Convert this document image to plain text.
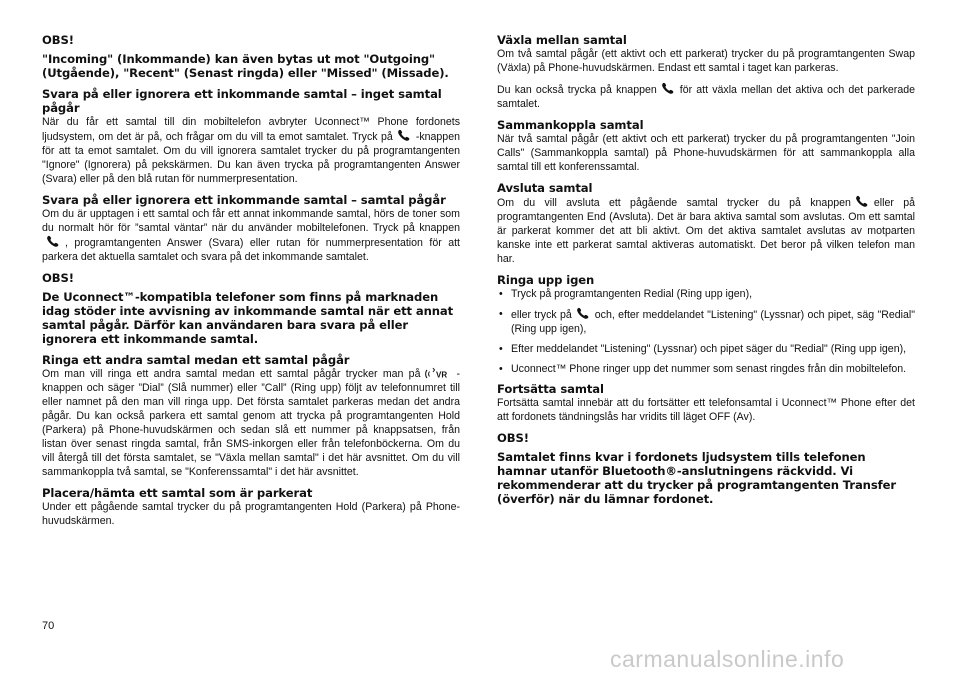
OBS!
"Incoming" (Inkommande) kan även bytas ut mot "Outgoing" (Utgående), "Recent" (Senast ringda) eller "Missed" (Missade).
Svara på eller ignorera ett inkommande samtal – inget samtal pågår

När du får ett samtal till din mobiltelefon avbryter Uconnect™ Phone fordonets ljudsystem, om det är på, och frågar om du vill ta emot samtalet. Tryck på -knappen för att ta emot samtalet. Om du vill ignorera samtalet trycker du på programtangenten "Ignore" (Ignorera) på pekskärmen. Du kan även trycka på programtangenten Answer (Svara) eller på den blå rutan för nummerpresentation.

Svara på eller ignorera ett inkommande samtal – samtal pågår

Om du är upptagen i ett samtal och får ett annat inkommande samtal, hörs de toner som du normalt hör för ”samtal väntar” när du använder mobiltelefonen. Tryck på knappen, programtangenten Answer (Svara) eller rutan för nummerpresentation för att parkera det aktuella samtalet och svara på det inkommande samtalet.

OBS!
De Uconnect™-kompatibla telefoner som finns på marknaden idag stöder inte avvisning av inkommande samtal när ett annat samtal pågår. Därför kan användaren bara svara på eller ignorera ett inkommande samtal.
Ringa ett andra samtal medan ett samtal pågår

Om man vill ringa ett andra samtal medan ett samtal pågår trycker man på VR -knappen och säger ”Dial” (Slå nummer) eller ”Call” (Ring upp) följt av telefonnumret till eller namnet på den man vill ringa upp. Det första samtalet parkeras medan det andra pågår. Du kan också parkera ett samtal genom att trycka på programtangenten Hold (Parkera) på Phone-huvudskärmen och sedan slå ett nummer på knappsatsen, från listan över senast ringda samtal, från SMS-inkorgen eller från telefonböckerna. Om du vill återgå till det första samtalet, se "Växla mellan samtal" i det här avsnittet. Om du vill sammankoppla två samtal, se "Konferenssamtal" i det här avsnittet.

Placera/hämta ett samtal som är parkerat

Under ett pågående samtal trycker du på programtangenten Hold (Parkera) på Phone-huvudskärmen.

Växla mellan samtal

Om två samtal pågår (ett aktivt och ett parkerat) trycker du på programtangenten Swap (Växla) på Phone-huvudskärmen. Endast ett samtal i taget kan parkeras.

Du kan också trycka på knappen för att växla mellan det aktiva och det parkerade samtalet.

Sammankoppla samtal

När två samtal pågår (ett aktivt och ett parkerat) trycker du på programtangenten "Join Calls" (Sammankoppla samtal) på Phone-huvudskärmen för att sammankoppla alla samtal till ett konferenssamtal.

Avsluta samtal

Om du vill avsluta ett pågående samtal trycker du på knappen eller på programtangenten End (Avsluta). Det är bara aktiva samtal som avslutas. Om ett samtal är parkerat kommer det att bli aktivt. Om det aktiva samtalet avslutas av motparten kanske inte ett parkerat samtal aktiveras automatiskt. Det beror på vilken telefon man har.

Ringa upp igen
• Tryck på programtangenten Redial (Ring upp igen),
• eller tryck på och, efter meddelandet "Listening" (Lyssnar) och pipet, säg "Redial" (Ring upp igen),
• Efter meddelandet "Listening" (Lyssnar) och pipet säger du "Redial" (Ring upp igen),
• Uconnect™ Phone ringer upp det nummer som senast ringdes från din mobiltelefon.
Fortsätta samtal

Fortsätta samtal innebär att du fortsätter ett telefonsamtal i Uconnect™ Phone efter det att fordonets tändningslås har vridits till läget OFF (Av).

OBS!
Samtalet finns kvar i fordonets ljudsystem tills telefonen hamnar utanför Bluetooth®-anslutningens räckvidd. Vi rekommenderar att du trycker på programtangenten Transfer (överför) när du lämnar fordonet.
70
carmanualsonline.info
